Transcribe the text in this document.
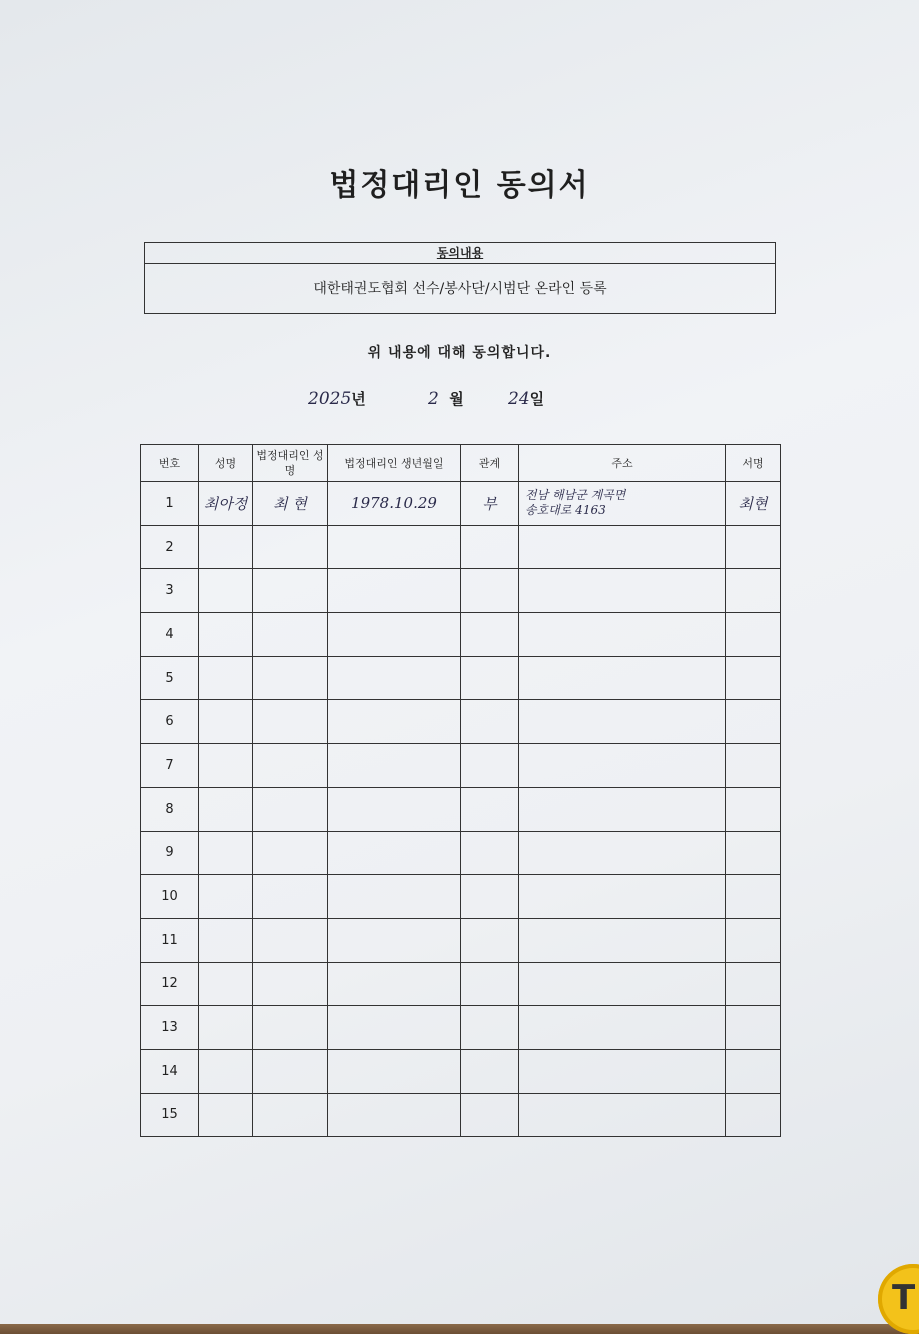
법정대리인 동의서
동의내용
대한태권도협회 선수/봉사단/시범단 온라인 등록
위 내용에 대해 동의합니다.
2025년	2 월	24일
번호	성명	법정대리인 성명	법정대리인 생년월일	관계	주소	서명
1	최아정	최 현	1978.10.29	부	전남 해남군 계곡면
송호대로 4163	최현
2					

3					

4					

5					

6					

7					

8					

9					

10					

11					

12					

13					

14					

15					

T
